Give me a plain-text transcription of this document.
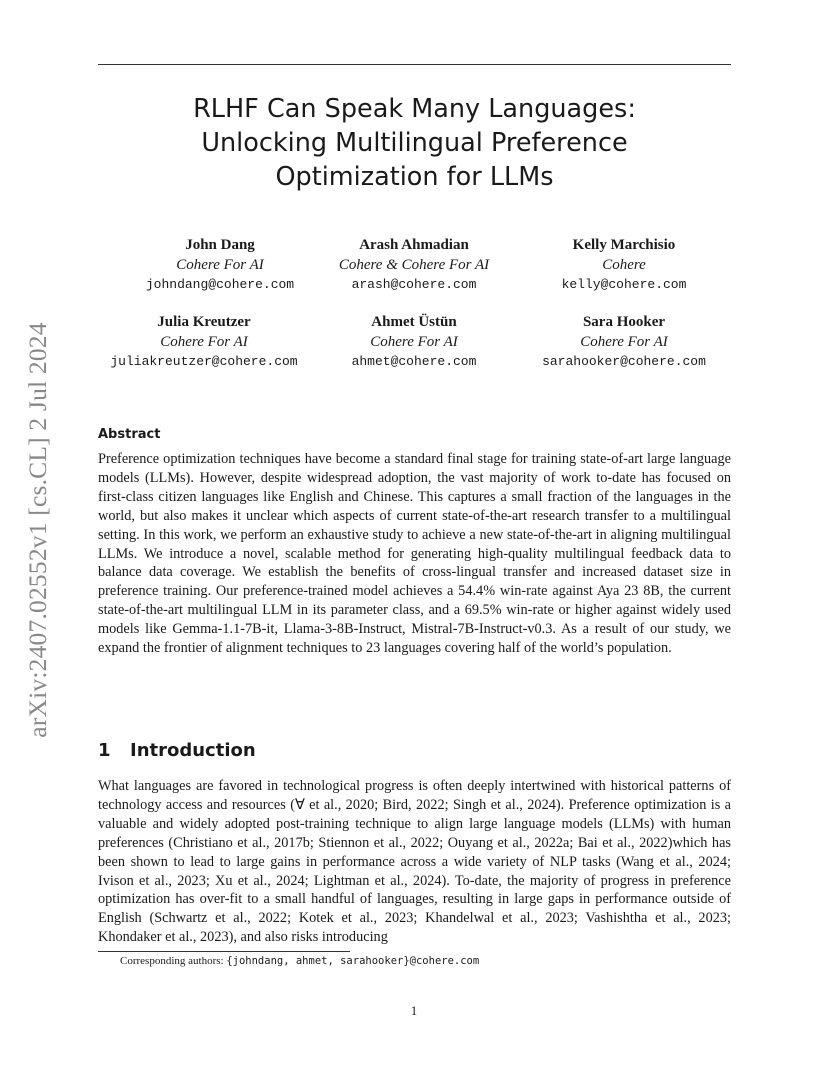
arXiv:2407.02552v1 [cs.CL] 2 Jul 2024
RLHF Can Speak Many Languages:
Unlocking Multilingual Preference
Optimization for LLMs
John Dang
Cohere For AI
johndang@cohere.com
Arash Ahmadian
Cohere & Cohere For AI
arash@cohere.com
Kelly Marchisio
Cohere
kelly@cohere.com
Julia Kreutzer
Cohere For AI
juliakreutzer@cohere.com
Ahmet Üstün
Cohere For AI
ahmet@cohere.com
Sara Hooker
Cohere For AI
sarahooker@cohere.com
Abstract
Preference optimization techniques have become a standard final stage for training state-of-art large language models (LLMs). However, despite widespread adoption, the vast majority of work to-date has focused on first-class citizen languages like English and Chinese. This captures a small fraction of the languages in the world, but also makes it unclear which aspects of current state-of-the-art research transfer to a multilingual setting. In this work, we perform an exhaustive study to achieve a new state-of-the-art in aligning multilingual LLMs. We introduce a novel, scalable method for generating high-quality multilingual feedback data to balance data coverage. We establish the benefits of cross-lingual transfer and increased dataset size in preference training. Our preference-trained model achieves a 54.4% win-rate against Aya 23 8B, the current state-of-the-art multilingual LLM in its parameter class, and a 69.5% win-rate or higher against widely used models like Gemma-1.1-7B-it, Llama-3-8B-Instruct, Mistral-7B-Instruct-v0.3. As a result of our study, we expand the frontier of alignment techniques to 23 languages covering half of the world’s population.
1 Introduction
What languages are favored in technological progress is often deeply intertwined with historical patterns of technology access and resources (∀ et al., 2020; Bird, 2022; Singh et al., 2024). Preference optimization is a valuable and widely adopted post-training technique to align large language models (LLMs) with human preferences (Christiano et al., 2017b; Stiennon et al., 2022; Ouyang et al., 2022a; Bai et al., 2022)which has been shown to lead to large gains in performance across a wide variety of NLP tasks (Wang et al., 2024; Ivison et al., 2023; Xu et al., 2024; Lightman et al., 2024). To-date, the majority of progress in preference optimization has over-fit to a small handful of languages, resulting in large gaps in performance outside of English (Schwartz et al., 2022; Kotek et al., 2023; Khandelwal et al., 2023; Vashishtha et al., 2023; Khondaker et al., 2023), and also risks introducing
Corresponding authors: {johndang, ahmet, sarahooker}@cohere.com
1
